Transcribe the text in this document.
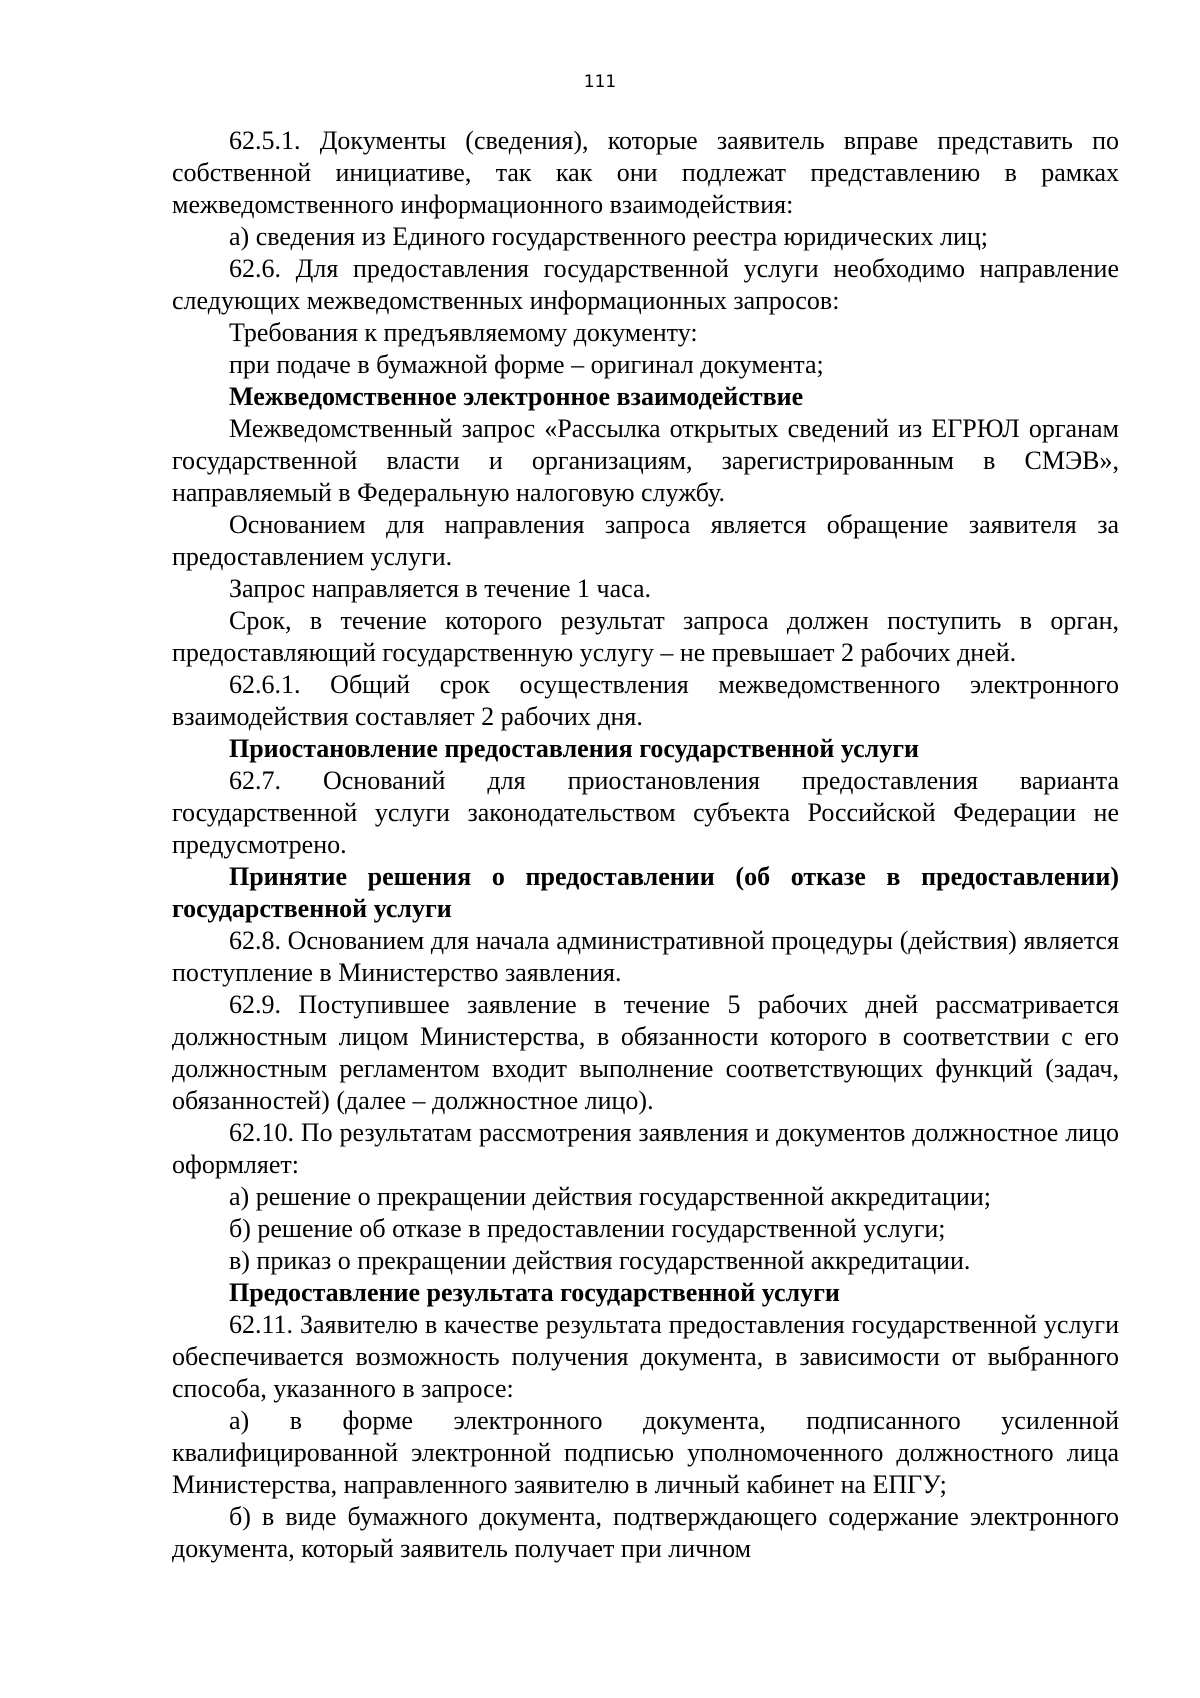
111

62.5.1. Документы (сведения), которые заявитель вправе представить по собственной инициативе, так как они подлежат представлению в рамках межведомственного информационного взаимодействия:

а) сведения из Единого государственного реестра юридических лиц;

62.6. Для предоставления государственной услуги необходимо направление следующих межведомственных информационных запросов:

Требования к предъявляемому документу:

при подаче в бумажной форме – оригинал документа;

Межведомственное электронное взаимодействие

Межведомственный запрос «Рассылка открытых сведений из ЕГРЮЛ органам государственной власти и организациям, зарегистрированным в СМЭВ», направляемый в Федеральную налоговую службу.

Основанием для направления запроса является обращение заявителя за предоставлением услуги.

Запрос направляется в течение 1 часа.

Срок, в течение которого результат запроса должен поступить в орган, предоставляющий государственную услугу – не превышает 2 рабочих дней.

62.6.1. Общий срок осуществления межведомственного электронного взаимодействия составляет 2 рабочих дня.

Приостановление предоставления государственной услуги

62.7. Оснований для приостановления предоставления варианта государственной услуги законодательством субъекта Российской Федерации не предусмотрено.

Принятие решения о предоставлении (об отказе в предоставлении) государственной услуги

62.8. Основанием для начала административной процедуры (действия) является поступление в Министерство заявления.

62.9. Поступившее заявление в течение 5 рабочих дней рассматривается должностным лицом Министерства, в обязанности которого в соответствии с его должностным регламентом входит выполнение соответствующих функций (задач, обязанностей) (далее – должностное лицо).

62.10. По результатам рассмотрения заявления и документов должностное лицо оформляет:

а) решение о прекращении действия государственной аккредитации;

б) решение об отказе в предоставлении государственной услуги;

в) приказ о прекращении действия государственной аккредитации.

Предоставление результата государственной услуги

62.11. Заявителю в качестве результата предоставления государственной услуги обеспечивается возможность получения документа, в зависимости от выбранного способа, указанного в запросе:

а) в форме электронного документа, подписанного усиленной квалифицированной электронной подписью уполномоченного должностного лица Министерства, направленного заявителю в личный кабинет на ЕПГУ;

б) в виде бумажного документа, подтверждающего содержание электронного документа, который заявитель получает при личном
